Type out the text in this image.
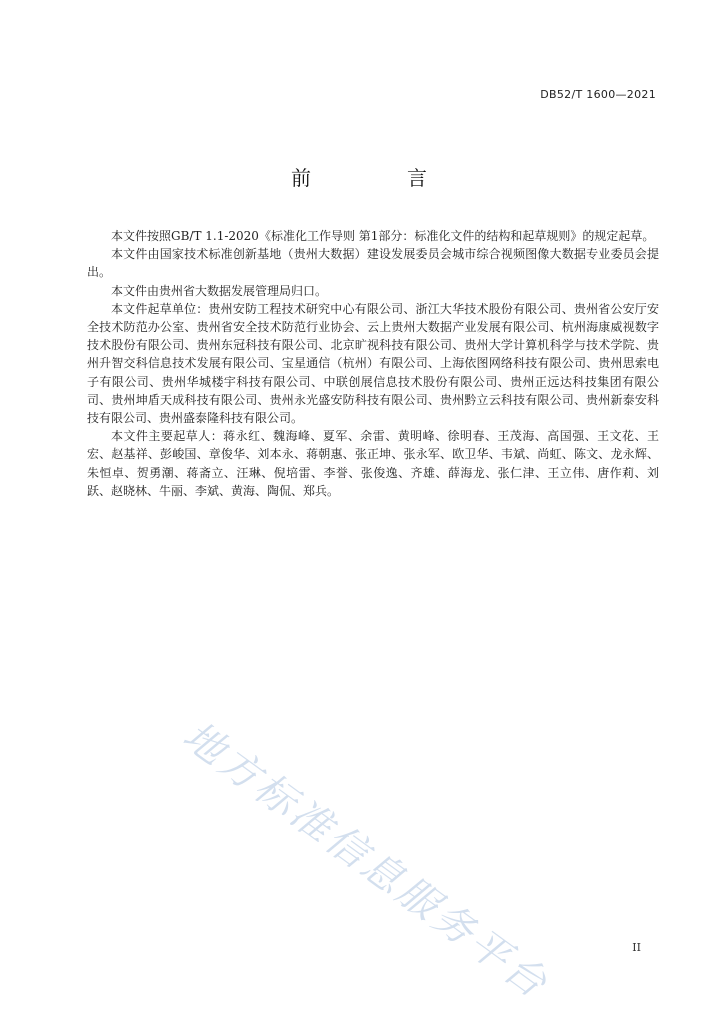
DB52/T 1600—2021
前　言

本文件按照GB/T 1.1-2020《标准化工作导则 第1部分：标准化文件的结构和起草规则》的规定起草。

本文件由国家技术标准创新基地（贵州大数据）建设发展委员会城市综合视频图像大数据专业委员会提出。

本文件由贵州省大数据发展管理局归口。

本文件起草单位：贵州安防工程技术研究中心有限公司、浙江大华技术股份有限公司、贵州省公安厅安全技术防范办公室、贵州省安全技术防范行业协会、云上贵州大数据产业发展有限公司、杭州海康威视数字技术股份有限公司、贵州东冠科技有限公司、北京旷视科技有限公司、贵州大学计算机科学与技术学院、贵州升智交科信息技术发展有限公司、宝星通信（杭州）有限公司、上海依图网络科技有限公司、贵州思索电子有限公司、贵州华城楼宇科技有限公司、中联创展信息技术股份有限公司、贵州正远达科技集团有限公司、贵州坤盾天成科技有限公司、贵州永光盛安防科技有限公司、贵州黔立云科技有限公司、贵州新泰安科技有限公司、贵州盛泰隆科技有限公司。

本文件主要起草人：蒋永红、魏海峰、夏军、余雷、黄明峰、徐明春、王茂海、高国强、王文花、王宏、赵基祥、彭峻国、章俊华、刘本永、蒋朝惠、张正坤、张永军、欧卫华、韦斌、尚虹、陈文、龙永辉、朱恒卓、贺勇潮、蒋斋立、汪琳、倪培雷、李誉、张俊逸、齐雄、薛海龙、张仁津、王立伟、唐作莉、刘跃、赵晓林、牛丽、李斌、黄海、陶侃、郑兵。

地方标准信息服务平台	II
